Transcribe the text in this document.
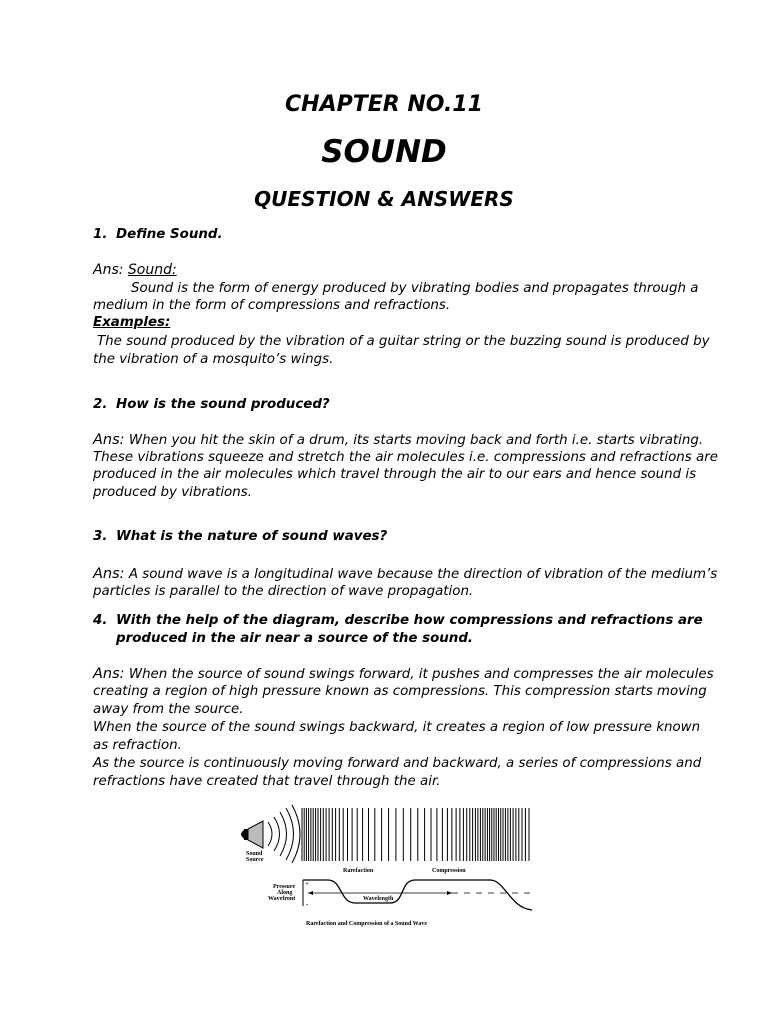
CHAPTER NO.11
SOUND
QUESTION & ANSWERS
1. Define Sound.
Ans: Sound:
Sound is the form of energy produced by vibrating bodies and propagates through a
medium in the form of compressions and refractions.
Examples:
The sound produced by the vibration of a guitar string or the buzzing sound is produced by
the vibration of a mosquito’s wings.
2. How is the sound produced?
Ans: When you hit the skin of a drum, its starts moving back and forth i.e. starts vibrating.
These vibrations squeeze and stretch the air molecules i.e. compressions and refractions are
produced in the air molecules which travel through the air to our ears and hence sound is
produced by vibrations.
3. What is the nature of sound waves?
Ans: A sound wave is a longitudinal wave because the direction of vibration of the medium’s
particles is parallel to the direction of wave propagation.
4. With the help of the diagram, describe how compressions and refractions are
produced in the air near a source of the sound.
Ans: When the source of sound swings forward, it pushes and compresses the air molecules
creating a region of high pressure known as compressions. This compression starts moving
away from the source.
When the source of the sound swings backward, it creates a region of low pressure known
as refraction.
As the source is continuously moving forward and backward, a series of compressions and
refractions have created that travel through the air.
Sound
Source
Rarefaction	Compression
Pressure
Along
Wavefront
+
-
Wavelength
Rarefaction and Compression of a Sound Wave
